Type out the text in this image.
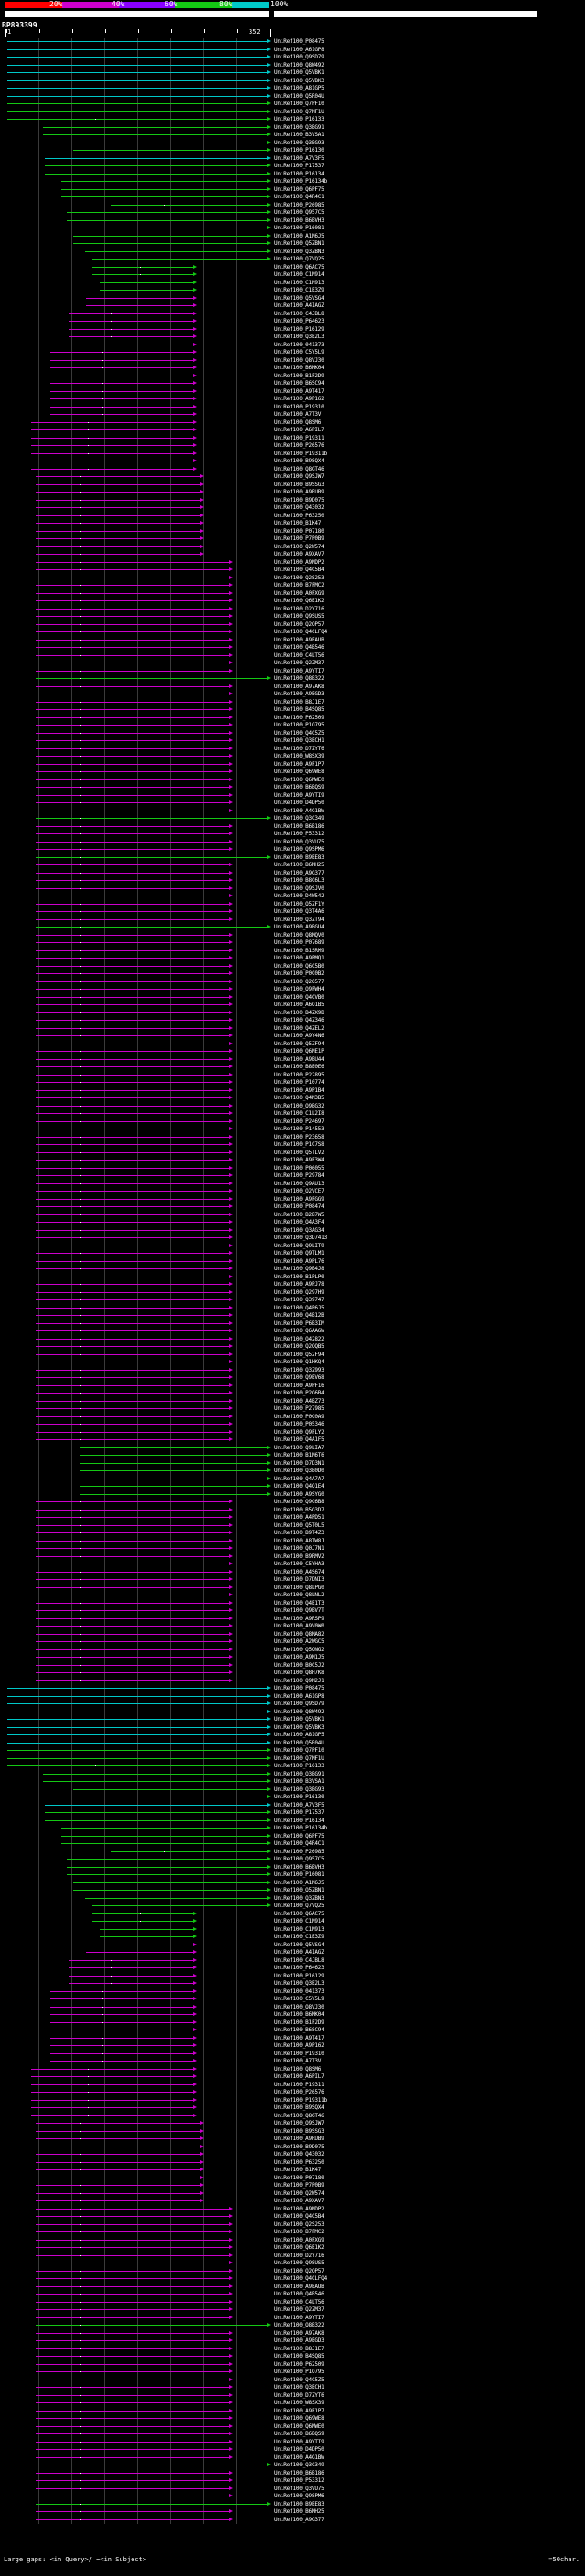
20%	40%	60%	80%	100%
BP893399
1	352
UniRef100_P08475
UniRef100_A61GP8
UniRef100_Q9SD79
UniRef100_Q8W492
UniRef100_Q5VBK1
UniRef100_Q5VBK3
UniRef100_A81GP5
UniRef100_Q5R04U
UniRef100_Q7PF10
UniRef100_Q7MF1U
UniRef100_P16133
UniRef100_Q3BG91
UniRef100_B3VSA1
UniRef100_Q3BG93
UniRef100_P16130
UniRef100_A7V3F5
UniRef100_P17537
UniRef100_P16134
UniRef100_P16134b
UniRef100_Q6PF75
UniRef100_Q4R4C1
UniRef100_P26985
UniRef100_Q957C5
UniRef100_B6BVH3
UniRef100_P16081
UniRef100_A1N6J5
UniRef100_Q5ZBN1
UniRef100_Q3ZBN3
UniRef100_Q7VQ25
UniRef100_Q6AC75
UniRef100_C1N914
UniRef100_C1N913
UniRef100_C1E3Z9
UniRef100_Q5VSG4
UniRef100_A4IAGZ
UniRef100_C4JBL8
UniRef100_P64623
UniRef100_P16129
UniRef100_Q3E2L3
UniRef100_041373
UniRef100_C5Y5L9
UniRef100_Q8VJ30
UniRef100_B6MK04
UniRef100_B1F2D9
UniRef100_B6SC94
UniRef100_A9T417
UniRef100_A9P162
UniRef100_P19310
UniRef100_A7T3V
UniRef100_Q8SM6
UniRef100_A6PIL7
UniRef100_P19311
UniRef100_P26576
UniRef100_P19311b
UniRef100_B9SQX4
UniRef100_Q8GT46
UniRef100_Q9SJW7
UniRef100_B9SSG3
UniRef100_A9RUB9
UniRef100_B9D075
UniRef100_Q43032
UniRef100_P63250
UniRef100_B1K47
UniRef100_P07180
UniRef100_P7P0B9
UniRef100_Q2W574
UniRef100_A9XAV7
UniRef100_A9NDP2
UniRef100_Q4C5B4
UniRef100_Q2S253
UniRef100_B7FMC2
UniRef100_A0FXG9
UniRef100_Q6E1K2
UniRef100_D2Y716
UniRef100_Q9SUS5
UniRef100_Q2QP57
UniRef100_Q4CLFQ4
UniRef100_A9EAUB
UniRef100_Q4B546
UniRef100_C4LT56
UniRef100_Q2ZM37
UniRef100_A9YTI7
UniRef100_Q8B322
UniRef100_A97AK8
UniRef100_A9EGD3
UniRef100_B8J1E7
UniRef100_B4SQ85
UniRef100_P62509
UniRef100_P1Q795
UniRef100_Q4C5Z5
UniRef100_Q3ECH1
UniRef100_D7ZYT6
UniRef100_W8SX39
UniRef100_A9F1P7
UniRef100_Q69WE8
UniRef100_Q6NWE0
UniRef100_B6BQS9
UniRef100_A9YTI9
UniRef100_D4DP50
UniRef100_A4G1BW
UniRef100_Q3C349
UniRef100_B6B186
UniRef100_P53312
UniRef100_Q3VU75
UniRef100_Q9SPM6
UniRef100_B9EE83
UniRef100_B6MH25
UniRef100_A9G377
UniRef100_B8C6L3
UniRef100_Q9SJV0
UniRef100_D4W542
UniRef100_Q5ZF1Y
UniRef100_Q3T4A6
UniRef100_Q3ZT94
UniRef100_A9BGU4
UniRef100_Q8MQV0
UniRef100_P07689
UniRef100_B1SRM9
UniRef100_A9PMQ1
UniRef100_Q6C5B0
UniRef100_P0C0B2
UniRef100_Q2Q577
UniRef100_Q9FWH4
UniRef100_Q4CVB0
UniRef100_A6Q1B5
UniRef100_B4ZX9B
UniRef100_Q4Z346
UniRef100_Q4ZEL2
UniRef100_A9Y4N6
UniRef100_Q5ZF94
UniRef100_Q6NE1P
UniRef100_A9BU44
UniRef100_B8E0E6
UniRef100_P22895
UniRef100_P10774
UniRef100_A9P1B4
UniRef100_Q4N3B5
UniRef100_Q9BG32
UniRef100_C1L2I8
UniRef100_P24697
UniRef100_P14553
UniRef100_P23658
UniRef100_P1C7S8
UniRef100_Q5TLV2
UniRef100_A9F3W4
UniRef100_P06055
UniRef100_P29784
UniRef100_Q9AU13
UniRef100_Q2VCE7
UniRef100_A9FGG9
UniRef100_P08474
UniRef100_B2B7W5
UniRef100_Q4A3F4
UniRef100_Q3AG34
UniRef100_Q3D7413
UniRef100_Q9LIT9
UniRef100_Q9TLM1
UniRef100_A9PL76
UniRef100_Q9B4J8
UniRef100_B1PLP0
UniRef100_A9PJ78
UniRef100_Q297H9
UniRef100_Q39747
UniRef100_Q4P6J5
UniRef100_Q4B12B
UniRef100_P6B3IM
UniRef100_Q6AA6W
UniRef100_Q42822
UniRef100_Q2QQB5
UniRef100_Q52F94
UniRef100_Q1HKQ4
UniRef100_Q3Z993
UniRef100_Q9EV68
UniRef100_A9PF16
UniRef100_P2G6B4
UniRef100_A4BZ73
UniRef100_P27985
UniRef100_P0C0A9
UniRef100_P05346
UniRef100_Q9FLY2
UniRef100_Q4A1F5
UniRef100_Q9LIA7
UniRef100_B1N6T6
UniRef100_D7D3N1
UniRef100_Q3B0D0
UniRef100_Q4A7A7
UniRef100_Q4Q1E4
UniRef100_A9SYG0
UniRef100_Q9C6B8
UniRef100_B5G3D7
UniRef100_A4PD51
UniRef100_Q5T0L5
UniRef100_B9T4Z3
UniRef100_A8TW8J
UniRef100_Q0J7N1
UniRef100_B9RMV2
UniRef100_C5YHA3
UniRef100_A4S674
UniRef100_D7DNI3
UniRef100_Q8LPG0
UniRef100_Q8LNL2
UniRef100_Q4E1T3
UniRef100_Q9BV7T
UniRef100_A9RSP9
UniRef100_A9V0W0
UniRef100_Q8MA82
UniRef100_A2WGC5
UniRef100_Q5QNG2
UniRef100_A9M1J5
UniRef100_B0C5J2
UniRef100_Q8H7K8
UniRef100_Q9M2J1
UniRef100_P08475
UniRef100_A61GP8
UniRef100_Q9SD79
UniRef100_Q8W492
UniRef100_Q5VBK1
UniRef100_Q5VBK3
UniRef100_A81GP5
UniRef100_Q5R04U
UniRef100_Q7PF10
UniRef100_Q7MF1U
UniRef100_P16133
UniRef100_Q3BG91
UniRef100_B3VSA1
UniRef100_Q3BG93
UniRef100_P16130
UniRef100_A7V3F5
UniRef100_P17537
UniRef100_P16134
UniRef100_P16134b
UniRef100_Q6PF75
UniRef100_Q4R4C1
UniRef100_P26985
UniRef100_Q957C5
UniRef100_B6BVH3
UniRef100_P16081
UniRef100_A1N6J5
UniRef100_Q5ZBN1
UniRef100_Q3ZBN3
UniRef100_Q7VQ25
UniRef100_Q6AC75
UniRef100_C1N914
UniRef100_C1N913
UniRef100_C1E3Z9
UniRef100_Q5VSG4
UniRef100_A4IAGZ
UniRef100_C4JBL8
UniRef100_P64623
UniRef100_P16129
UniRef100_Q3E2L3
UniRef100_041373
UniRef100_C5Y5L9
UniRef100_Q8VJ30
UniRef100_B6MK04
UniRef100_B1F2D9
UniRef100_B6SC94
UniRef100_A9T417
UniRef100_A9P162
UniRef100_P19310
UniRef100_A7T3V
UniRef100_Q8SM6
UniRef100_A6PIL7
UniRef100_P19311
UniRef100_P26576
UniRef100_P19311b
UniRef100_B9SQX4
UniRef100_Q8GT46
UniRef100_Q9SJW7
UniRef100_B9SSG3
UniRef100_A9RUB9
UniRef100_B9D075
UniRef100_Q43032
UniRef100_P63250
UniRef100_B1K47
UniRef100_P07180
UniRef100_P7P0B9
UniRef100_Q2W574
UniRef100_A9XAV7
UniRef100_A9NDP2
UniRef100_Q4C5B4
UniRef100_Q2S253
UniRef100_B7FMC2
UniRef100_A0FXG9
UniRef100_Q6E1K2
UniRef100_D2Y716
UniRef100_Q9SUS5
UniRef100_Q2QP57
UniRef100_Q4CLFQ4
UniRef100_A9EAUB
UniRef100_Q4B546
UniRef100_C4LT56
UniRef100_Q2ZM37
UniRef100_A9YTI7
UniRef100_Q8B322
UniRef100_A97AK8
UniRef100_A9EGD3
UniRef100_B8J1E7
UniRef100_B4SQ85
UniRef100_P62509
UniRef100_P1Q795
UniRef100_Q4C5Z5
UniRef100_Q3ECH1
UniRef100_D7ZYT6
UniRef100_W8SX39
UniRef100_A9F1P7
UniRef100_Q69WE8
UniRef100_Q6NWE0
UniRef100_B6BQS9
UniRef100_A9YTI9
UniRef100_D4DP50
UniRef100_A4G1BW
UniRef100_Q3C349
UniRef100_B6B186
UniRef100_P53312
UniRef100_Q3VU75
UniRef100_Q9SPM6
UniRef100_B9EE83
UniRef100_B6MH25
UniRef100_A9G377
Large gaps: <in Query>/ ~<in Subject>	=50char.
